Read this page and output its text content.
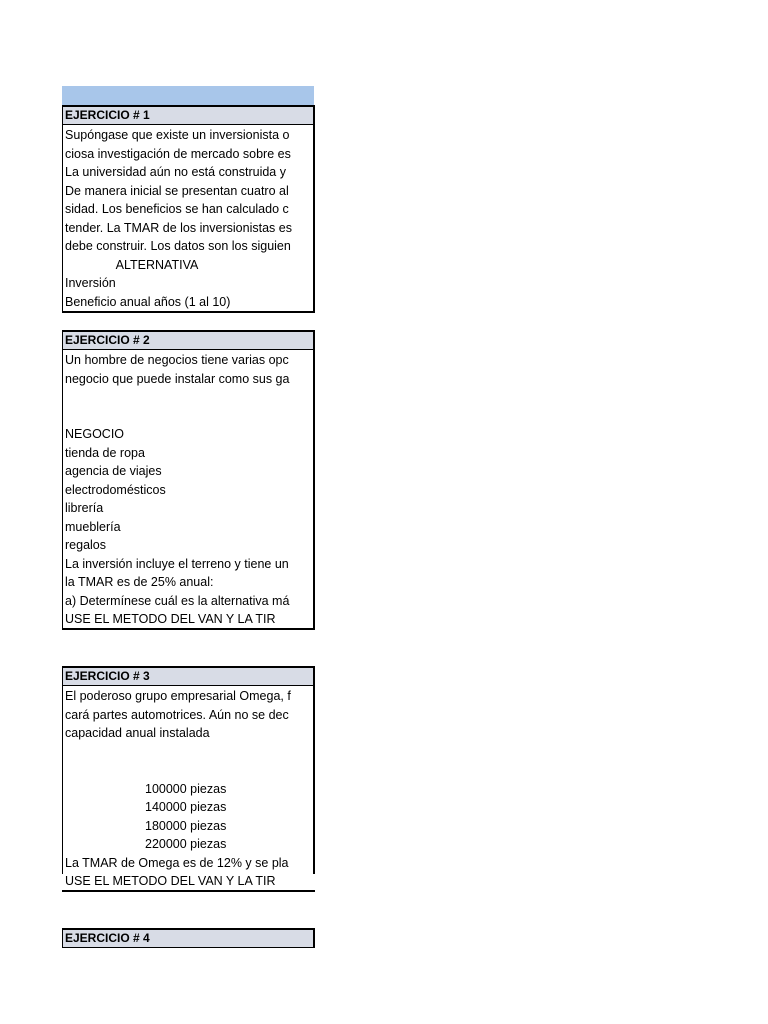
EJERCICIO # 1
Supóngase que existe un inversionista o
ciosa investigación de mercado sobre es
La universidad aún no está construida y
De manera inicial se presentan cuatro al
sidad. Los beneficios se han calculado c
tender. La TMAR de los inversionistas es
debe construir. Los datos son los siguien
ALTERNATIVA
Inversión
Beneficio anual años (1 al 10)
EJERCICIO # 2
Un hombre de negocios tiene varias opc
negocio que puede instalar como sus ga
NEGOCIO
tienda de ropa
agencia de viajes
electrodomésticos
librería
mueblería
regalos
La inversión incluye el terreno y tiene un
la TMAR es de 25% anual:
a) Determínese cuál es la alternativa má
USE EL METODO DEL VAN Y LA TIR
EJERCICIO # 3
El poderoso grupo empresarial Omega, f
cará partes automotrices. Aún no se dec
capacidad anual instalada
100000 piezas
140000 piezas
180000 piezas
220000 piezas
La TMAR de Omega es de 12% y se pla
USE EL METODO DEL VAN Y LA TIR
EJERCICIO # 4
